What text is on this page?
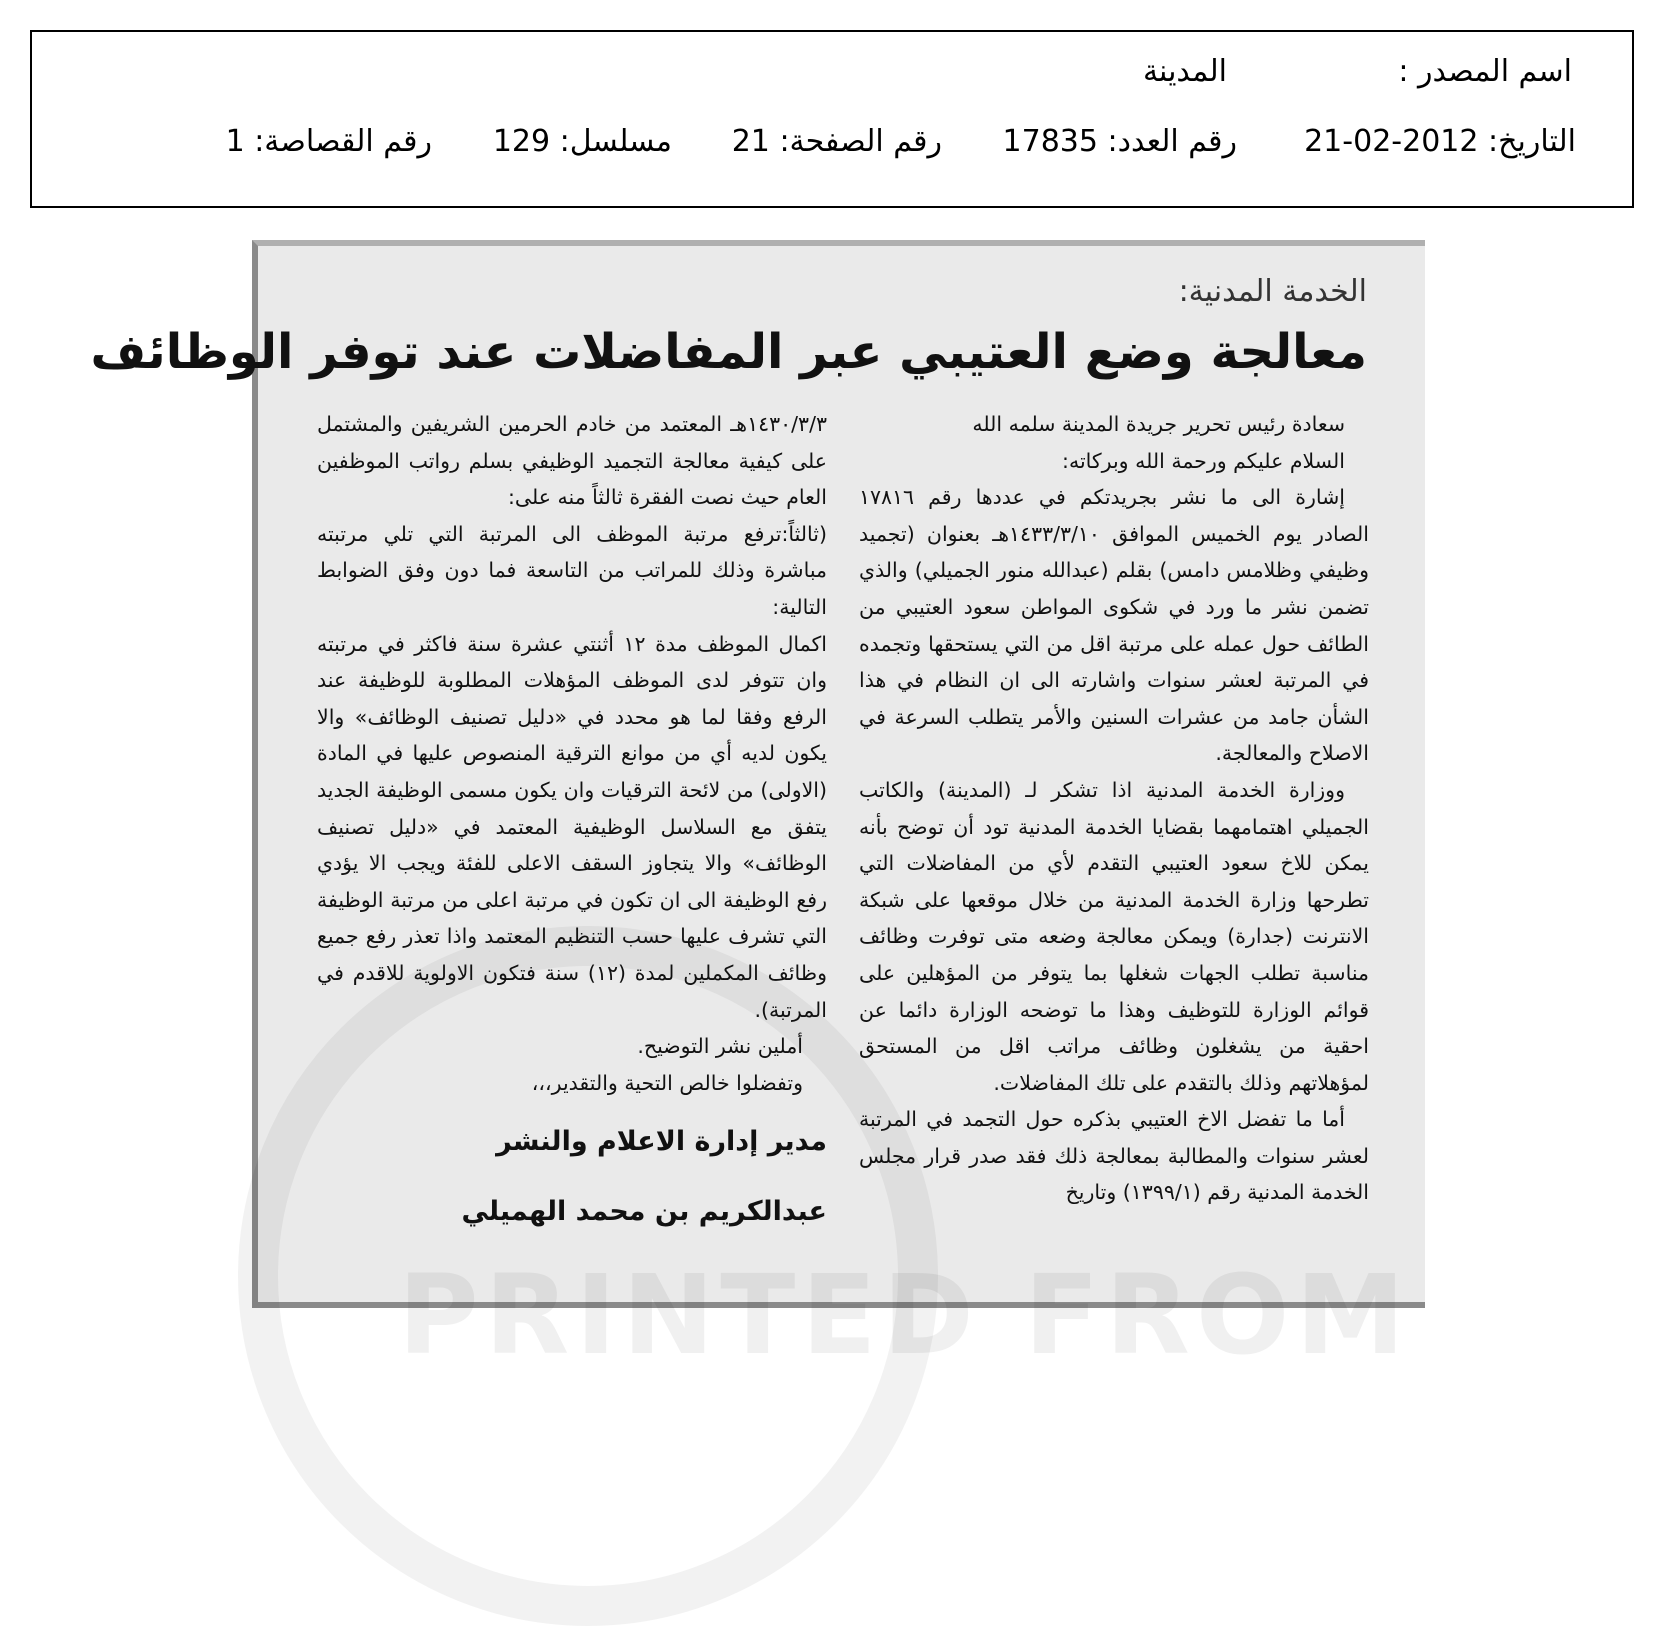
اسم المصدر :
المدينة
التاريخ: 2012-02-21
رقم العدد: 17835
رقم الصفحة: 21
مسلسل: 129
رقم القصاصة: 1
PRINTED FROM
الخدمة المدنية:
معالجة وضع العتيبي عبر المفاضلات عند توفر الوظائف

سعادة رئيس تحرير جريدة المدينة سلمه الله

السلام عليكم ورحمة الله وبركاته:

إشارة الى ما نشر بجريدتكم في عددها رقم ١٧٨١٦ الصادر يوم الخميس الموافق ١٤٣٣/٣/١٠هـ بعنوان (تجميد وظيفي وظلامس دامس) بقلم (عبدالله منور الجميلي) والذي تضمن نشر ما ورد في شكوى المواطن سعود العتيبي من الطائف حول عمله على مرتبة اقل من التي يستحقها وتجمده في المرتبة لعشر سنوات واشارته الى ان النظام في هذا الشأن جامد من عشرات السنين والأمر يتطلب السرعة في الاصلاح والمعالجة.

ووزارة الخدمة المدنية اذا تشكر لـ (المدينة) والكاتب الجميلي اهتمامهما بقضايا الخدمة المدنية تود أن توضح بأنه يمكن للاخ سعود العتيبي التقدم لأي من المفاضلات التي تطرحها وزارة الخدمة المدنية من خلال موقعها على شبكة الانترنت (جدارة) ويمكن معالجة وضعه متى توفرت وظائف مناسبة تطلب الجهات شغلها بما يتوفر من المؤهلين على قوائم الوزارة للتوظيف وهذا ما توضحه الوزارة دائما عن احقية من يشغلون وظائف مراتب اقل من المستحق لمؤهلاتهم وذلك بالتقدم على تلك المفاضلات.

أما ما تفضل الاخ العتيبي بذكره حول التجمد في المرتبة لعشر سنوات والمطالبة بمعالجة ذلك فقد صدر قرار مجلس الخدمة المدنية رقم (١٣٩٩/١) وتاريخ

١٤٣٠/٣/٣هـ المعتمد من خادم الحرمين الشريفين والمشتمل على كيفية معالجة التجميد الوظيفي بسلم رواتب الموظفين العام حيث نصت الفقرة ثالثاً منه على:

(ثالثاً:ترفع مرتبة الموظف الى المرتبة التي تلي مرتبته مباشرة وذلك للمراتب من التاسعة فما دون وفق الضوابط التالية:

اكمال الموظف مدة ١٢ أثنتي عشرة سنة فاكثر في مرتبته وان تتوفر لدى الموظف المؤهلات المطلوبة للوظيفة عند الرفع وفقا لما هو محدد في «دليل تصنيف الوظائف» والا يكون لديه أي من موانع الترقية المنصوص عليها في المادة (الاولى) من لائحة الترقيات وان يكون مسمى الوظيفة الجديد يتفق مع السلاسل الوظيفية المعتمد في «دليل تصنيف الوظائف» والا يتجاوز السقف الاعلى للفئة ويجب الا يؤدي رفع الوظيفة الى ان تكون في مرتبة اعلى من مرتبة الوظيفة التي تشرف عليها حسب التنظيم المعتمد واذا تعذر رفع جميع وظائف المكملين لمدة (١٢) سنة فتكون الاولوية للاقدم في المرتبة).

أملين نشر التوضيح.

وتفضلوا خالص التحية والتقدير،،،

مدير إدارة الاعلام والنشر
عبدالكريم بن محمد الهميلي
